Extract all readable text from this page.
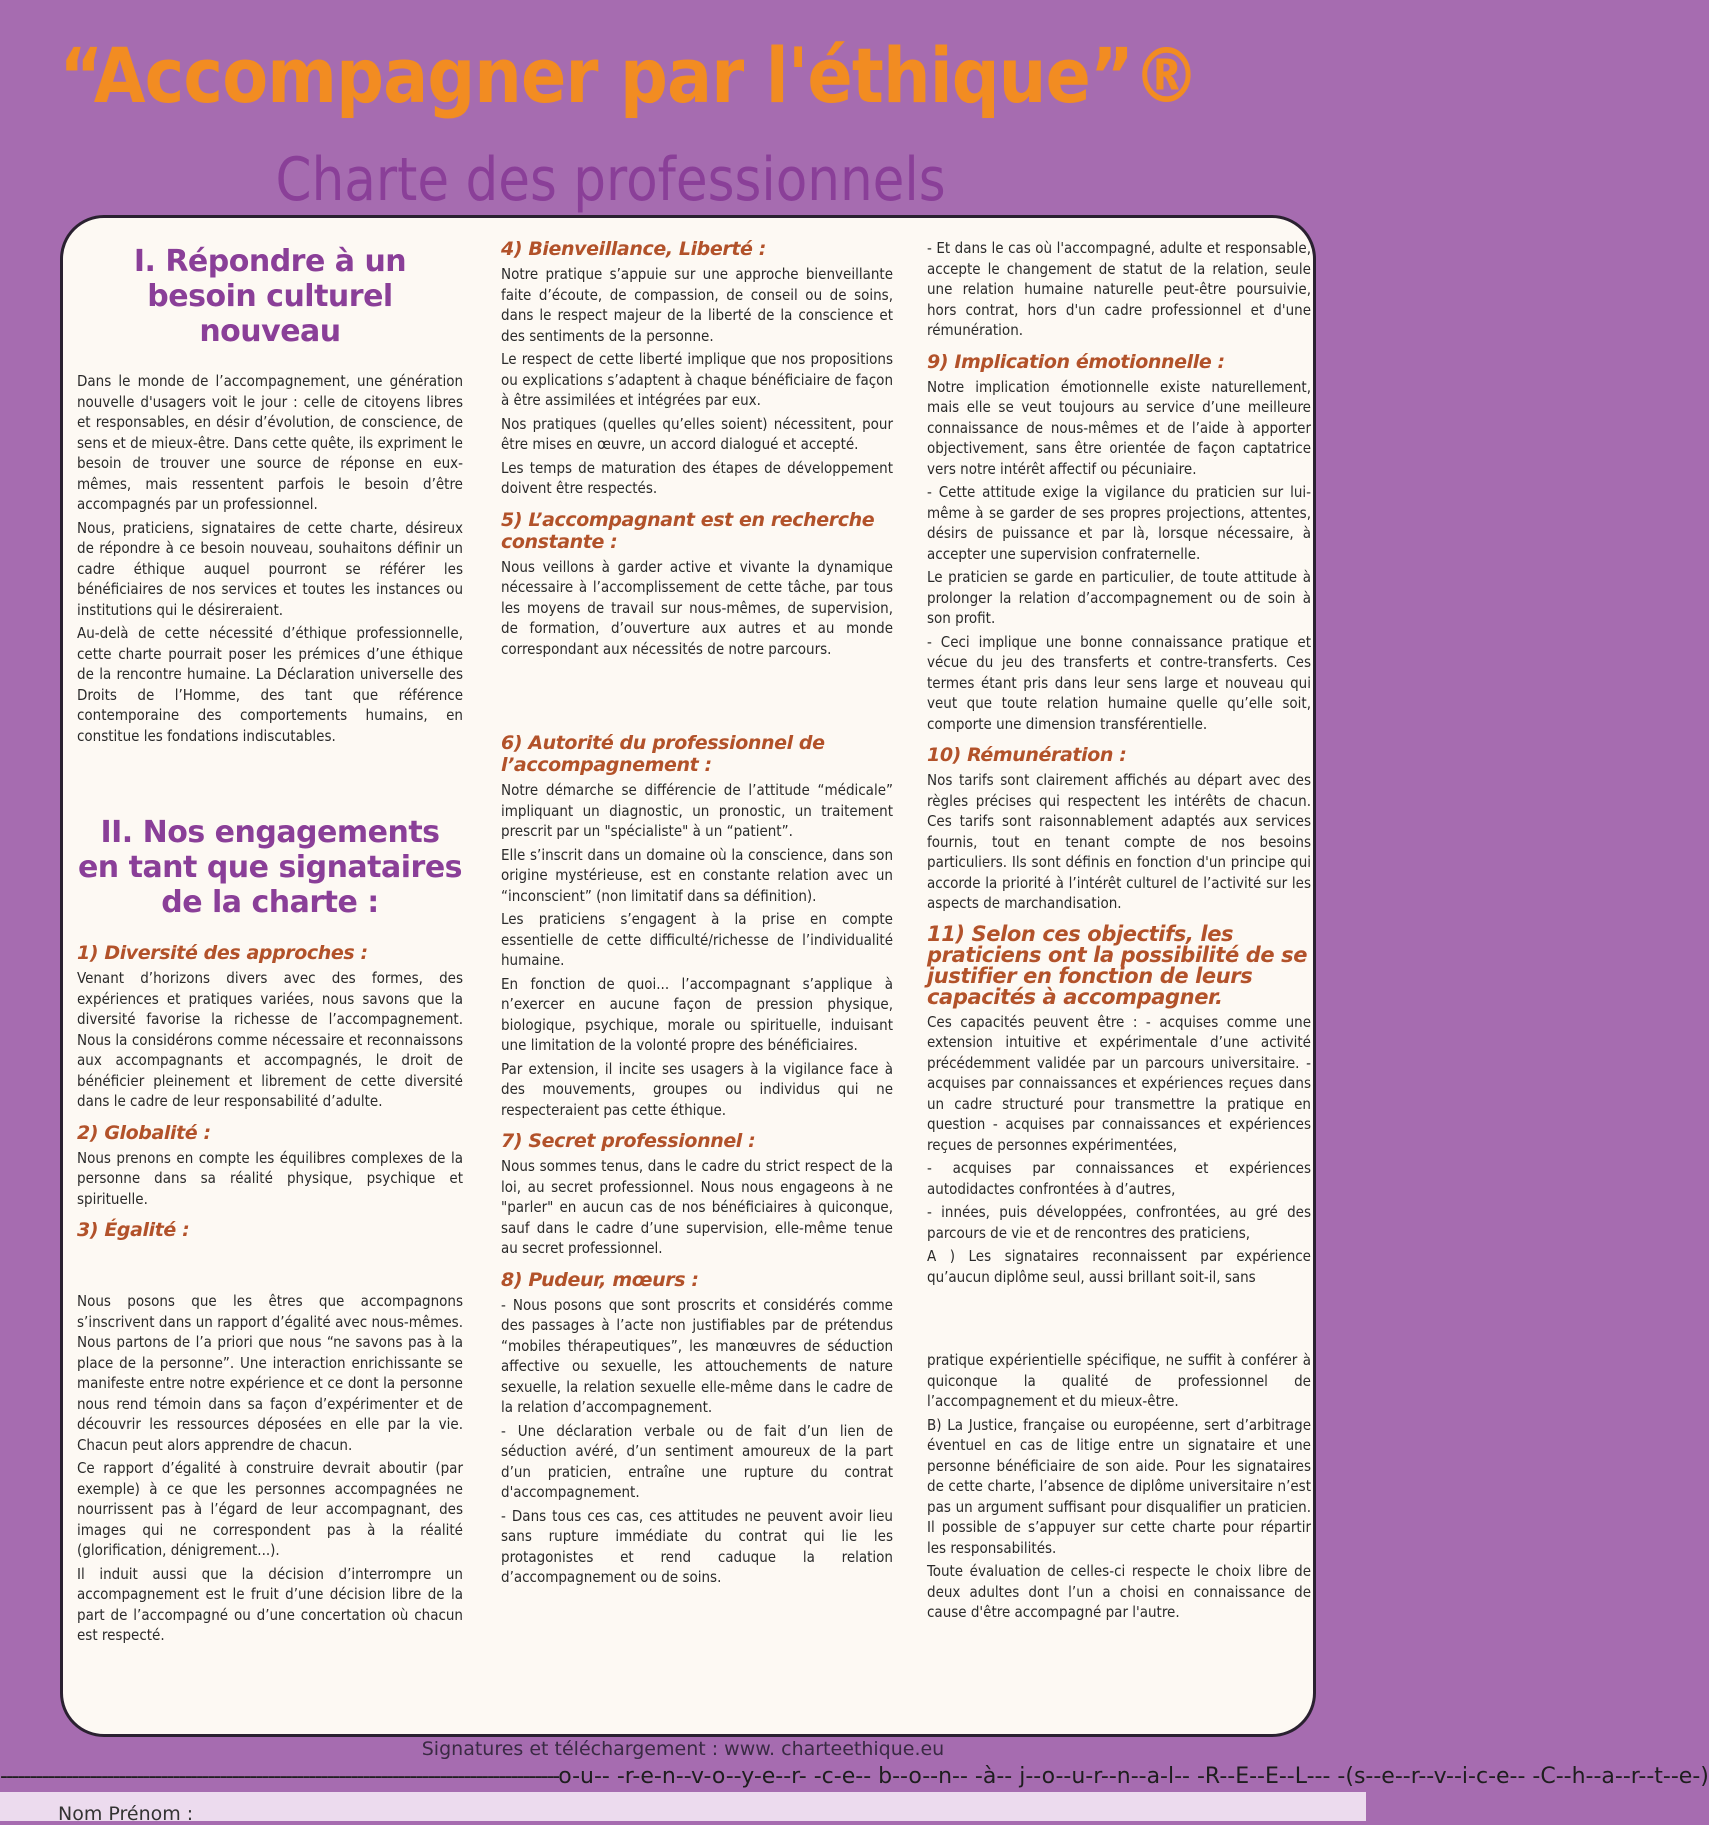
“Accompagner par l'éthique”®
Charte des professionnels
I. Répondre à un besoin culturel nouveau

Dans le monde de l’accompagnement, une génération nouvelle d'usagers voit le jour : celle de citoyens libres et responsables, en désir d’évolution, de conscience, de sens et de mieux-être. Dans cette quête, ils expriment le besoin de trouver une source de réponse en eux-mêmes, mais ressentent parfois le besoin d’être accompagnés par un professionnel.

Nous, praticiens, signataires de cette charte, désireux de répondre à ce besoin nouveau, souhaitons définir un cadre éthique auquel pourront se référer les bénéficiaires de nos services et toutes les instances ou institutions qui le désireraient.

Au-delà de cette nécessité d’éthique professionnelle, cette charte pourrait poser les prémices d’une éthique de la rencontre humaine. La Déclaration universelle des Droits de l’Homme, des tant que référence contemporaine des comportements humains, en constitue les fondations indiscutables.

II. Nos engagements en tant que signataires de la charte :
1) Diversité des approches :

Venant d’horizons divers avec des formes, des expériences et pratiques variées, nous savons que la diversité favorise la richesse de l’accompagnement. Nous la considérons comme nécessaire et reconnaissons aux accompagnants et accompagnés, le droit de bénéficier pleinement et librement de cette diversité dans le cadre de leur responsabilité d’adulte.

2) Globalité :

Nous prenons en compte les équilibres complexes de la personne dans sa réalité physique, psychique et spirituelle.

3) Égalité :

Nous posons que les êtres que accompagnons s’inscrivent dans un rapport d’égalité avec nous-mêmes. Nous partons de l’a priori que nous “ne savons pas à la place de la personne”. Une interaction enrichissante se manifeste entre notre expérience et ce dont la personne nous rend témoin dans sa façon d’expérimenter et de découvrir les ressources déposées en elle par la vie. Chacun peut alors apprendre de chacun.

Ce rapport d’égalité à construire devrait aboutir (par exemple) à ce que les personnes accompagnées ne nourrissent pas à l’égard de leur accompagnant, des images qui ne correspondent pas à la réalité (glorification, dénigrement...).

Il induit aussi que la décision d’interrompre un accompagnement est le fruit d’une décision libre de la part de l’accompagné ou d’une concertation où chacun est respecté.

4) Bienveillance, Liberté :

Notre pratique s’appuie sur une approche bienveillante faite d’écoute, de compassion, de conseil ou de soins, dans le respect majeur de la liberté de la conscience et des sentiments de la personne.

Le respect de cette liberté implique que nos propositions ou explications s’adaptent à chaque bénéficiaire de façon à être assimilées et intégrées par eux.

Nos pratiques (quelles qu’elles soient) nécessitent, pour être mises en œuvre, un accord dialogué et accepté.

Les temps de maturation des étapes de développement doivent être respectés.

5) L’accompagnant est en recherche constante :

Nous veillons à garder active et vivante la dynamique nécessaire à l’accomplissement de cette tâche, par tous les moyens de travail sur nous-mêmes, de supervision, de formation, d’ouverture aux autres et au monde correspondant aux nécessités de notre parcours.

6) Autorité du professionnel de l’accompagnement :

Notre démarche se différencie de l’attitude “médicale” impliquant un diagnostic, un pronostic, un traitement prescrit par un "spécialiste" à un “patient”.

Elle s’inscrit dans un domaine où la conscience, dans son origine mystérieuse, est en constante relation avec un “inconscient” (non limitatif dans sa définition).

Les praticiens s’engagent à la prise en compte essentielle de cette difficulté/richesse de l’individualité humaine.

En fonction de quoi... l’accompagnant s’applique à n’exercer en aucune façon de pression physique, biologique, psychique, morale ou spirituelle, induisant une limitation de la volonté propre des bénéficiaires.

Par extension, il incite ses usagers à la vigilance face à des mouvements, groupes ou individus qui ne respecteraient pas cette éthique.

7) Secret professionnel :

Nous sommes tenus, dans le cadre du strict respect de la loi, au secret professionnel. Nous nous engageons à ne "parler" en aucun cas de nos bénéficiaires à quiconque, sauf dans le cadre d’une supervision, elle-même tenue au secret professionnel.

8) Pudeur, mœurs :

- Nous posons que sont proscrits et considérés comme des passages à l’acte non justifiables par de prétendus “mobiles thérapeutiques”, les manœuvres de séduction affective ou sexuelle, les attouchements de nature sexuelle, la relation sexuelle elle-même dans le cadre de la relation d’accompagnement.

- Une déclaration verbale ou de fait d’un lien de séduction avéré, d’un sentiment amoureux de la part d’un praticien, entraîne une rupture du contrat d'accompagnement.

- Dans tous ces cas, ces attitudes ne peuvent avoir lieu sans rupture immédiate du contrat qui lie les protagonistes et rend caduque la relation d’accompagnement ou de soins.

- Et dans le cas où l'accompagné, adulte et responsable, accepte le changement de statut de la relation, seule une relation humaine naturelle peut-être poursuivie, hors contrat, hors d'un cadre professionnel et d'une rémunération.

9) Implication émotionnelle :

Notre implication émotionnelle existe naturellement, mais elle se veut toujours au service d’une meilleure connaissance de nous-mêmes et de l’aide à apporter objectivement, sans être orientée de façon captatrice vers notre intérêt affectif ou pécuniaire.

- Cette attitude exige la vigilance du praticien sur lui-même à se garder de ses propres projections, attentes, désirs de puissance et par là, lorsque nécessaire, à accepter une supervision confraternelle.

Le praticien se garde en particulier, de toute attitude à prolonger la relation d’accompagnement ou de soin à son profit.

- Ceci implique une bonne connaissance pratique et vécue du jeu des transferts et contre-transferts. Ces termes étant pris dans leur sens large et nouveau qui veut que toute relation humaine quelle qu’elle soit, comporte une dimension transférentielle.

10) Rémunération :

Nos tarifs sont clairement affichés au départ avec des règles précises qui respectent les intérêts de chacun. Ces tarifs sont raisonnablement adaptés aux services fournis, tout en tenant compte de nos besoins particuliers. Ils sont définis en fonction d'un principe qui accorde la priorité à l’intérêt culturel de l’activité sur les aspects de marchandisation.

11) Selon ces objectifs, les praticiens ont la possibilité de se justifier en fonction de leurs capacités à accompagner.

Ces capacités peuvent être : - acquises comme une extension intuitive et expérimentale d’une activité précédemment validée par un parcours universitaire. - acquises par connaissances et expériences reçues dans un cadre structuré pour transmettre la pratique en question - acquises par connaissances et expériences reçues de personnes expérimentées,

- acquises par connaissances et expériences autodidactes confrontées à d’autres,

- innées, puis développées, confrontées, au gré des parcours de vie et de rencontres des praticiens,

A ) Les signataires reconnaissent par expérience qu’aucun diplôme seul, aussi brillant soit-il, sans

pratique expérientielle spécifique, ne suffit à conférer à quiconque la qualité de professionnel de l’accompagnement et du mieux-être.

B) La Justice, française ou européenne, sert d’arbitrage éventuel en cas de litige entre un signataire et une personne bénéficiaire de son aide. Pour les signataires de cette charte, l’absence de diplôme universitaire n’est pas un argument suffisant pour disqualifier un praticien. Il possible de s’appuyer sur cette charte pour répartir les responsabilités.

Toute évaluation de celles-ci respecte le choix libre de deux adultes dont l’un a choisi en connaissance de cause d'être accompagné par l'autre.

Signatures et téléchargement : www. charteethique.eu
----------------------------------------------------------------------------------------------o-u-- -r-e-n--v-o--y-e--r- -c-e-- b--o--n-- -à-- j--o--u-r--n--a-l-- -R--E--E--L--- -(s--e--r--v--i-c-e-- -C--h--a--r--t--e-)
Nom Prénom :
